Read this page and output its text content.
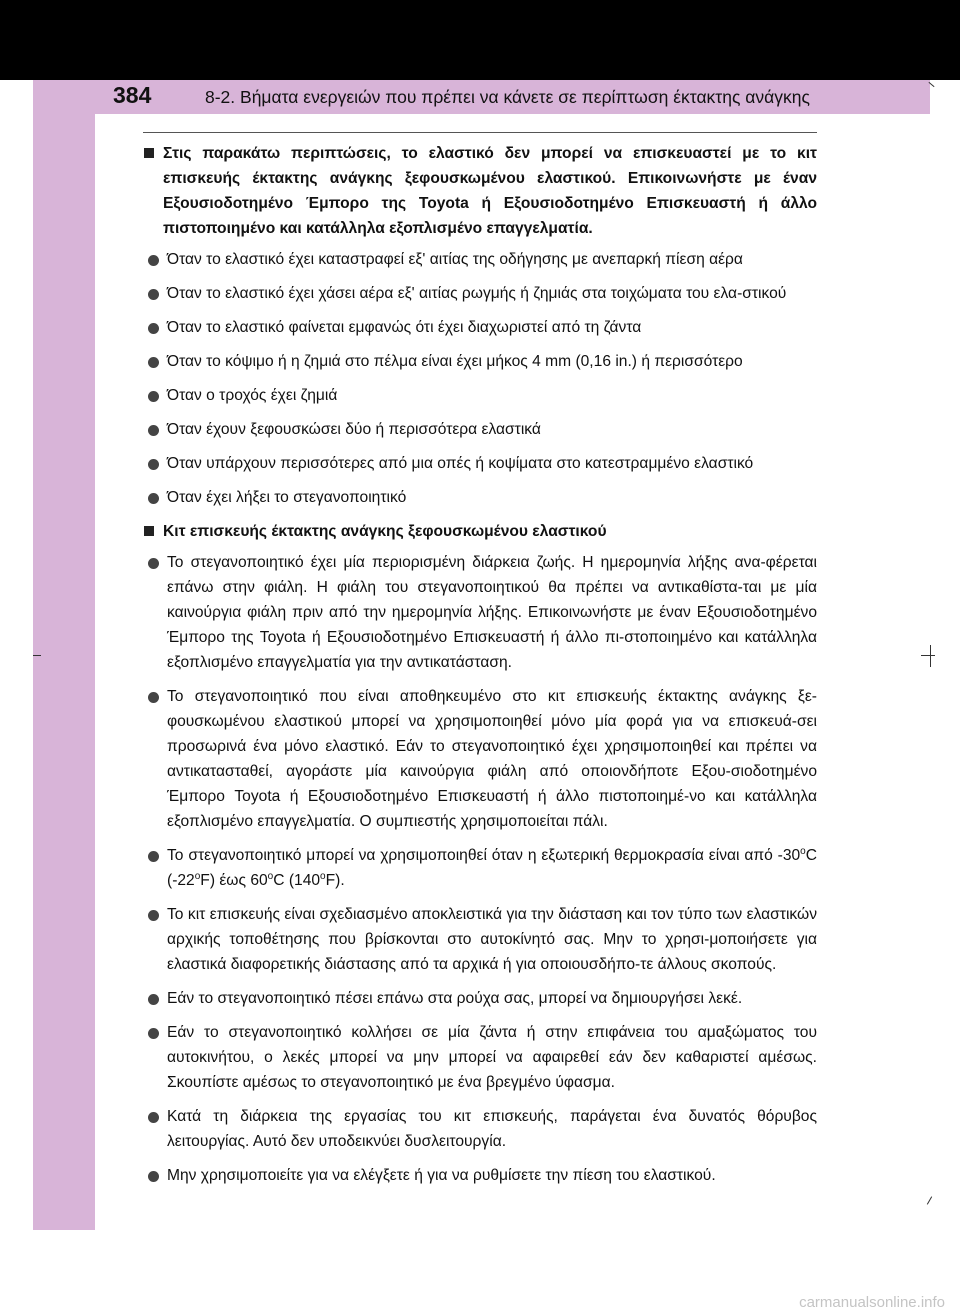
384	8-2. Βήματα ενεργειών που πρέπει να κάνετε σε περίπτωση έκτακτης ανάγκης
Στις παρακάτω περιπτώσεις, το ελαστικό δεν μπορεί να επισκευαστεί με το κιτ επισκευής έκτακτης ανάγκης ξεφουσκωμένου ελαστικού. Επικοινωνήστε με έναν Εξουσιοδοτημένο Έμπορο της Toyota ή Εξουσιοδοτημένο Επισκευαστή ή άλλο πιστοποιημένο και κατάλληλα εξοπλισμένο επαγγελματία.
Όταν το ελαστικό έχει καταστραφεί εξ' αιτίας της οδήγησης με ανεπαρκή πίεση αέρα
Όταν το ελαστικό έχει χάσει αέρα εξ' αιτίας ρωγμής ή ζημιάς στα τοιχώματα του ελα-στικού
Όταν το ελαστικό φαίνεται εμφανώς ότι έχει διαχωριστεί από τη ζάντα
Όταν το κόψιμο ή η ζημιά στο πέλμα είναι έχει μήκος 4 mm (0,16 in.) ή περισσότερο
Όταν ο τροχός έχει ζημιά
Όταν έχουν ξεφουσκώσει δύο ή περισσότερα ελαστικά
Όταν υπάρχουν περισσότερες από μια οπές ή κοψίματα στο κατεστραμμένο ελαστικό
Όταν έχει λήξει το στεγανοποιητικό
Κιτ επισκευής έκτακτης ανάγκης ξεφουσκωμένου ελαστικού
Το στεγανοποιητικό έχει μία περιορισμένη διάρκεια ζωής. Η ημερομηνία λήξης ανα-φέρεται επάνω στην φιάλη. Η φιάλη του στεγανοποιητικού θα πρέπει να αντικαθίστα-ται με μία καινούργια φιάλη πριν από την ημερομηνία λήξης. Επικοινωνήστε με έναν Εξουσιοδοτημένο Έμπορο της Toyota ή Εξουσιοδοτημένο Επισκευαστή ή άλλο πι-στοποιημένο και κατάλληλα εξοπλισμένο επαγγελματία για την αντικατάσταση.
Το στεγανοποιητικό που είναι αποθηκευμένο στο κιτ επισκευής έκτακτης ανάγκης ξε-φουσκωμένου ελαστικού μπορεί να χρησιμοποιηθεί μόνο μία φορά για να επισκευά-σει προσωρινά ένα μόνο ελαστικό. Εάν το στεγανοποιητικό έχει χρησιμοποιηθεί και πρέπει να αντικατασταθεί, αγοράστε μία καινούργια φιάλη από οποιονδήποτε Εξου-σιοδοτημένο Έμπορο Toyota ή Εξουσιοδοτημένο Επισκευαστή ή άλλο πιστοποιημέ-νο και κατάλληλα εξοπλισμένο επαγγελματία. Ο συμπιεστής χρησιμοποιείται πάλι.
Το στεγανοποιητικό μπορεί να χρησιμοποιηθεί όταν η εξωτερική θερμοκρασία είναι από -30$^o$C (-22$^o$F) έως 60$^o$C (140$^o$F).
Το κιτ επισκευής είναι σχεδιασμένο αποκλειστικά για την διάσταση και τον τύπο των ελαστικών αρχικής τοποθέτησης που βρίσκονται στο αυτοκίνητό σας. Μην το χρησι-μοποιήσετε για ελαστικά διαφορετικής διάστασης από τα αρχικά ή για οποιουσδήπο-τε άλλους σκοπούς.
Εάν το στεγανοποιητικό πέσει επάνω στα ρούχα σας, μπορεί να δημιουργήσει λεκέ.
Εάν το στεγανοποιητικό κολλήσει σε μία ζάντα ή στην επιφάνεια του αμαξώματος του αυτοκινήτου, ο λεκές μπορεί να μην μπορεί να αφαιρεθεί εάν δεν καθαριστεί αμέσως. Σκουπίστε αμέσως το στεγανοποιητικό με ένα βρεγμένο ύφασμα.
Κατά τη διάρκεια της εργασίας του κιτ επισκευής, παράγεται ένα δυνατός θόρυβος λειτουργίας. Αυτό δεν υποδεικνύει δυσλειτουργία.
Μην χρησιμοποιείτε για να ελέγξετε ή για να ρυθμίσετε την πίεση του ελαστικού.
carmanualsonline.info
